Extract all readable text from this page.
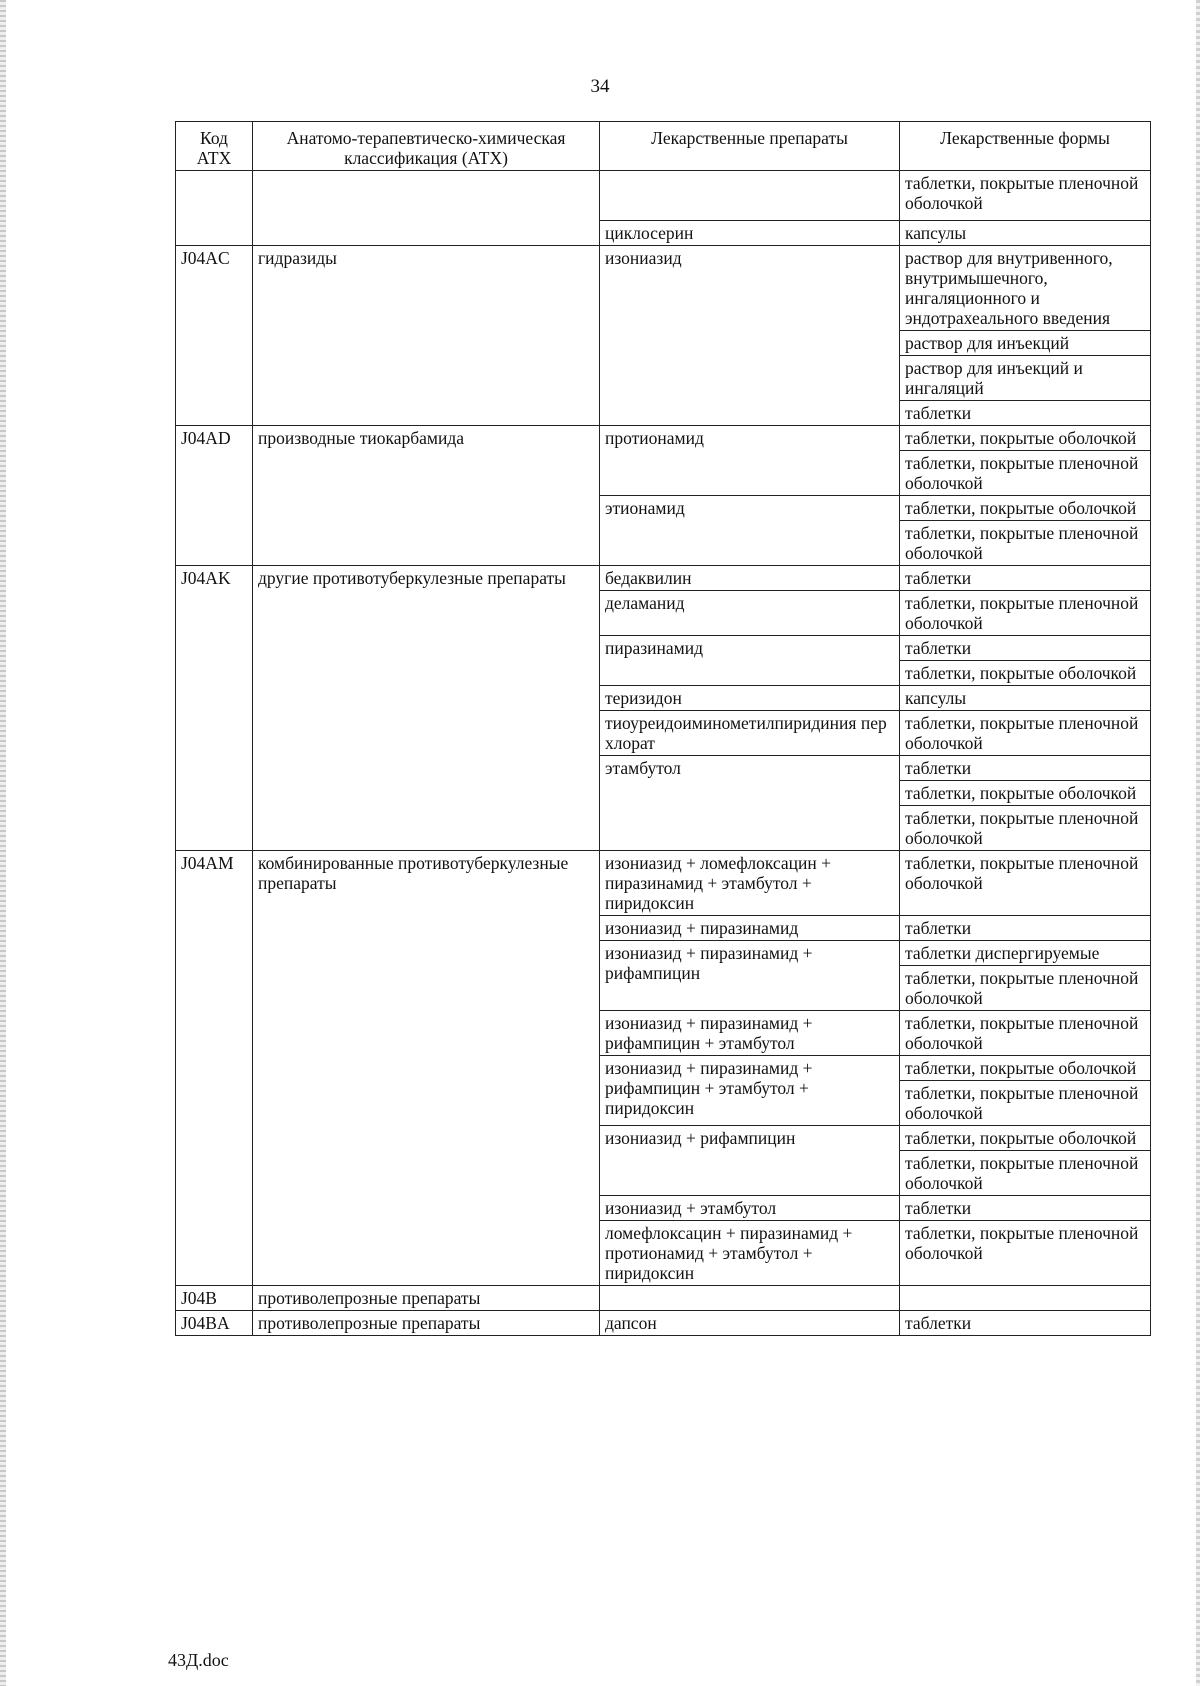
34
Код АТХ	Анатомо-терапевтическо-химическая классификация (АТХ)	Лекарственные препараты	Лекарственные формы
			таблетки, покрытые пленочной оболочкой
		циклосерин	капсулы
J04AC	гидразиды	изониазид	раствор для внутривенного, внутримышечного, ингаляционного и эндотрахеального введения
			раствор для инъекций
			раствор для инъекций и ингаляций
			таблетки
J04AD	производные тиокарбамида	протионамид	таблетки, покрытые оболочкой
			таблетки, покрытые пленочной оболочкой
		этионамид	таблетки, покрытые оболочкой
			таблетки, покрытые пленочной оболочкой
J04AK	другие противотуберкулезные препараты	бедаквилин	таблетки
		деламанид	таблетки, покрытые пленочной оболочкой
		пиразинамид	таблетки
			таблетки, покрытые оболочкой
		теризидон	капсулы
		тиоуреидоиминометилпиридиния перхлорат	таблетки, покрытые пленочной оболочкой
		этамбутол	таблетки
			таблетки, покрытые оболочкой
			таблетки, покрытые пленочной оболочкой
J04AM	комбинированные противотуберкулезные препараты	изониазид + ломефлоксацин + пиразинамид + этамбутол + пиридоксин	таблетки, покрытые пленочной оболочкой
		изониазид + пиразинамид	таблетки
		изониазид + пиразинамид + рифампицин	таблетки диспергируемые
			таблетки, покрытые пленочной оболочкой
		изониазид + пиразинамид + рифампицин + этамбутол	таблетки, покрытые пленочной оболочкой
		изониазид + пиразинамид + рифампицин + этамбутол + пиридоксин	таблетки, покрытые оболочкой
			таблетки, покрытые пленочной оболочкой
		изониазид + рифампицин	таблетки, покрытые оболочкой
			таблетки, покрытые пленочной оболочкой
		изониазид + этамбутол	таблетки
		ломефлоксацин + пиразинамид + протионамид + этамбутол + пиридоксин	таблетки, покрытые пленочной оболочкой
J04B	противолепрозные препараты		
J04BA	противолепрозные препараты	дапсон	таблетки
43Д.doc
